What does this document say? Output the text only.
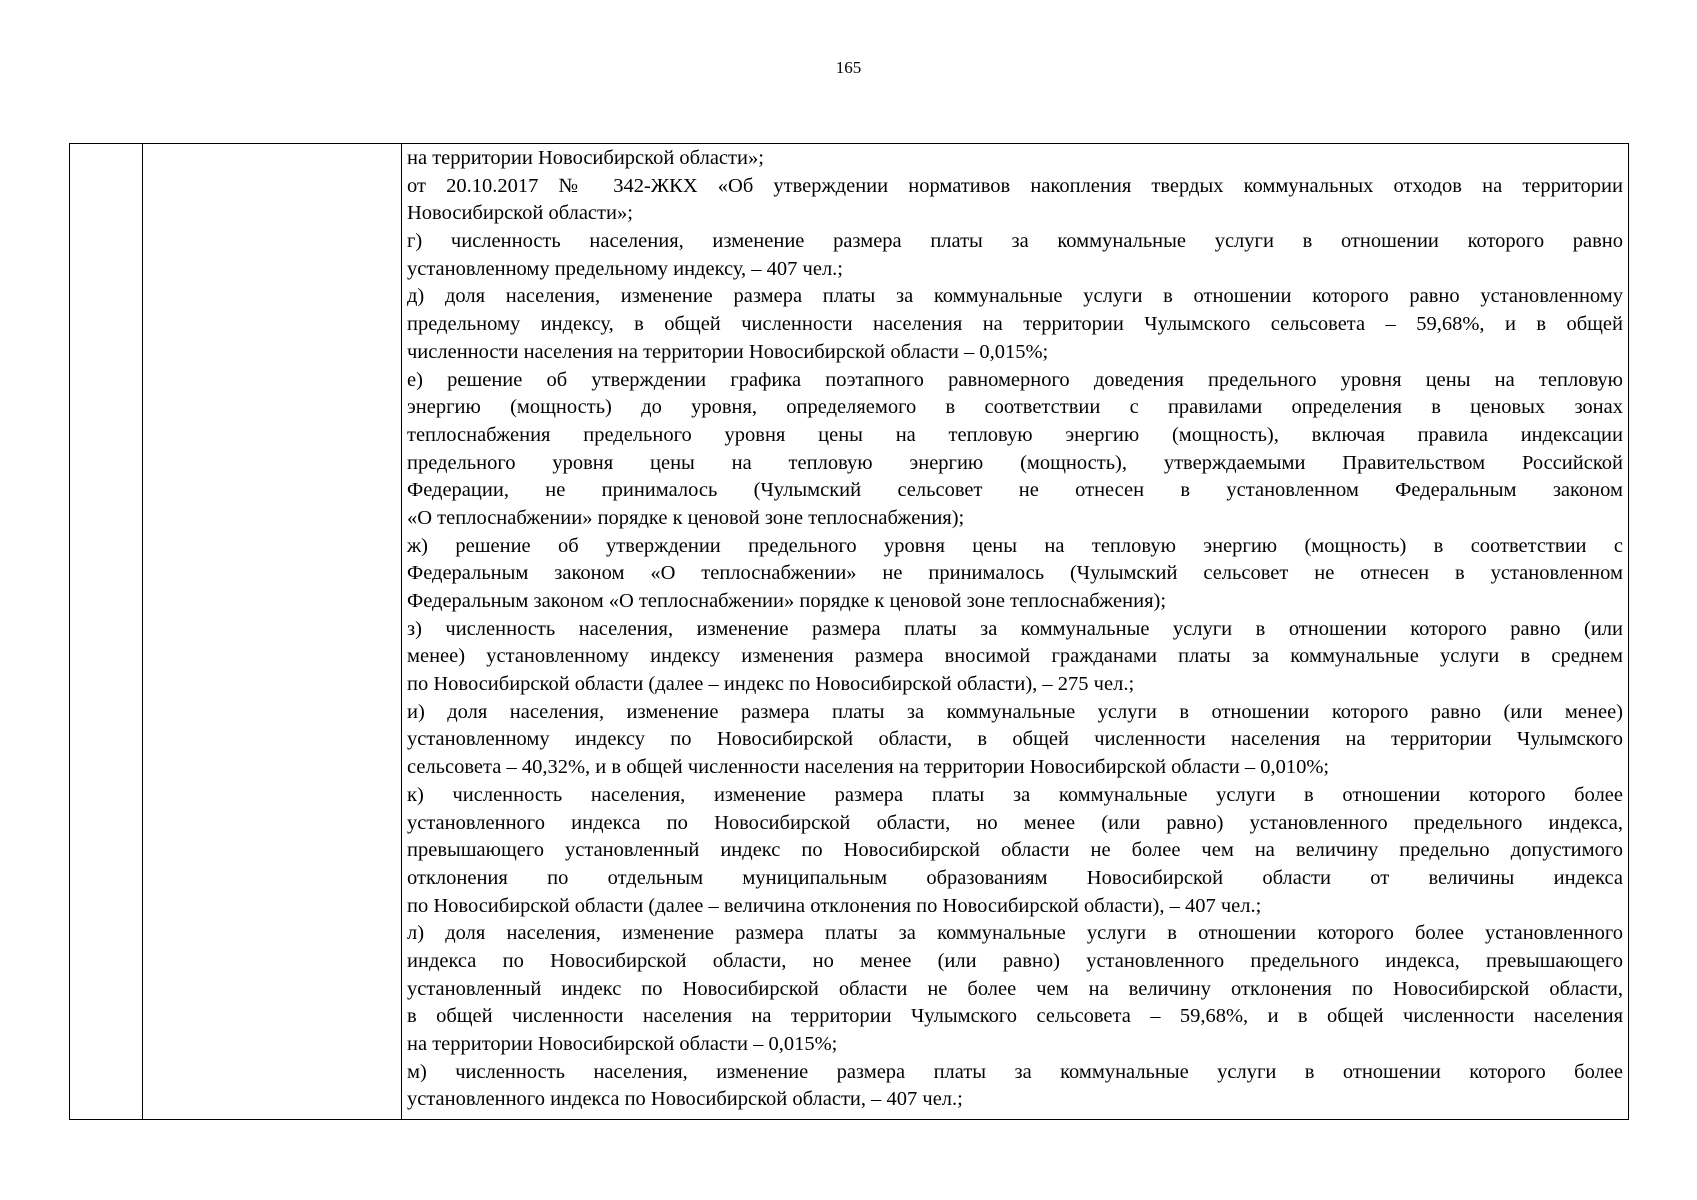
165
на территории Новосибирской области»;
от 20.10.2017 № 342-ЖКХ «Об утверждении нормативов накопления твердых коммунальных отходов на территории
Новосибирской области»;
г) численность населения, изменение размера платы за коммунальные услуги в отношении которого равно
установленному предельному индексу, – 407 чел.;
д) доля населения, изменение размера платы за коммунальные услуги в отношении которого равно установленному
предельному индексу, в общей численности населения на территории Чулымского сельсовета – 59,68%, и в общей
численности населения на территории Новосибирской области – 0,015%;
е) решение об утверждении графика поэтапного равномерного доведения предельного уровня цены на тепловую
энергию (мощность) до уровня, определяемого в соответствии с правилами определения в ценовых зонах
теплоснабжения предельного уровня цены на тепловую энергию (мощность), включая правила индексации
предельного уровня цены на тепловую энергию (мощность), утверждаемыми Правительством Российской
Федерации, не принималось (Чулымский сельсовет не отнесен в установленном Федеральным законом
«О теплоснабжении» порядке к ценовой зоне теплоснабжения);
ж) решение об утверждении предельного уровня цены на тепловую энергию (мощность) в соответствии с
Федеральным законом «О теплоснабжении» не принималось (Чулымский сельсовет не отнесен в установленном
Федеральным законом «О теплоснабжении» порядке к ценовой зоне теплоснабжения);
з) численность населения, изменение размера платы за коммунальные услуги в отношении которого равно (или
менее) установленному индексу изменения размера вносимой гражданами платы за коммунальные услуги в среднем
по Новосибирской области (далее – индекс по Новосибирской области), – 275 чел.;
и) доля населения, изменение размера платы за коммунальные услуги в отношении которого равно (или менее)
установленному индексу по Новосибирской области, в общей численности населения на территории Чулымского
сельсовета – 40,32%, и в общей численности населения на территории Новосибирской области – 0,010%;
к) численность населения, изменение размера платы за коммунальные услуги в отношении которого более
установленного индекса по Новосибирской области, но менее (или равно) установленного предельного индекса,
превышающего установленный индекс по Новосибирской области не более чем на величину предельно допустимого
отклонения по отдельным муниципальным образованиям Новосибирской области от величины индекса
по Новосибирской области (далее – величина отклонения по Новосибирской области), – 407 чел.;
л) доля населения, изменение размера платы за коммунальные услуги в отношении которого более установленного
индекса по Новосибирской области, но менее (или равно) установленного предельного индекса, превышающего
установленный индекс по Новосибирской области не более чем на величину отклонения по Новосибирской области,
в общей численности населения на территории Чулымского сельсовета – 59,68%, и в общей численности населения
на территории Новосибирской области – 0,015%;
м) численность населения, изменение размера платы за коммунальные услуги в отношении которого более
установленного индекса по Новосибирской области, – 407 чел.;
